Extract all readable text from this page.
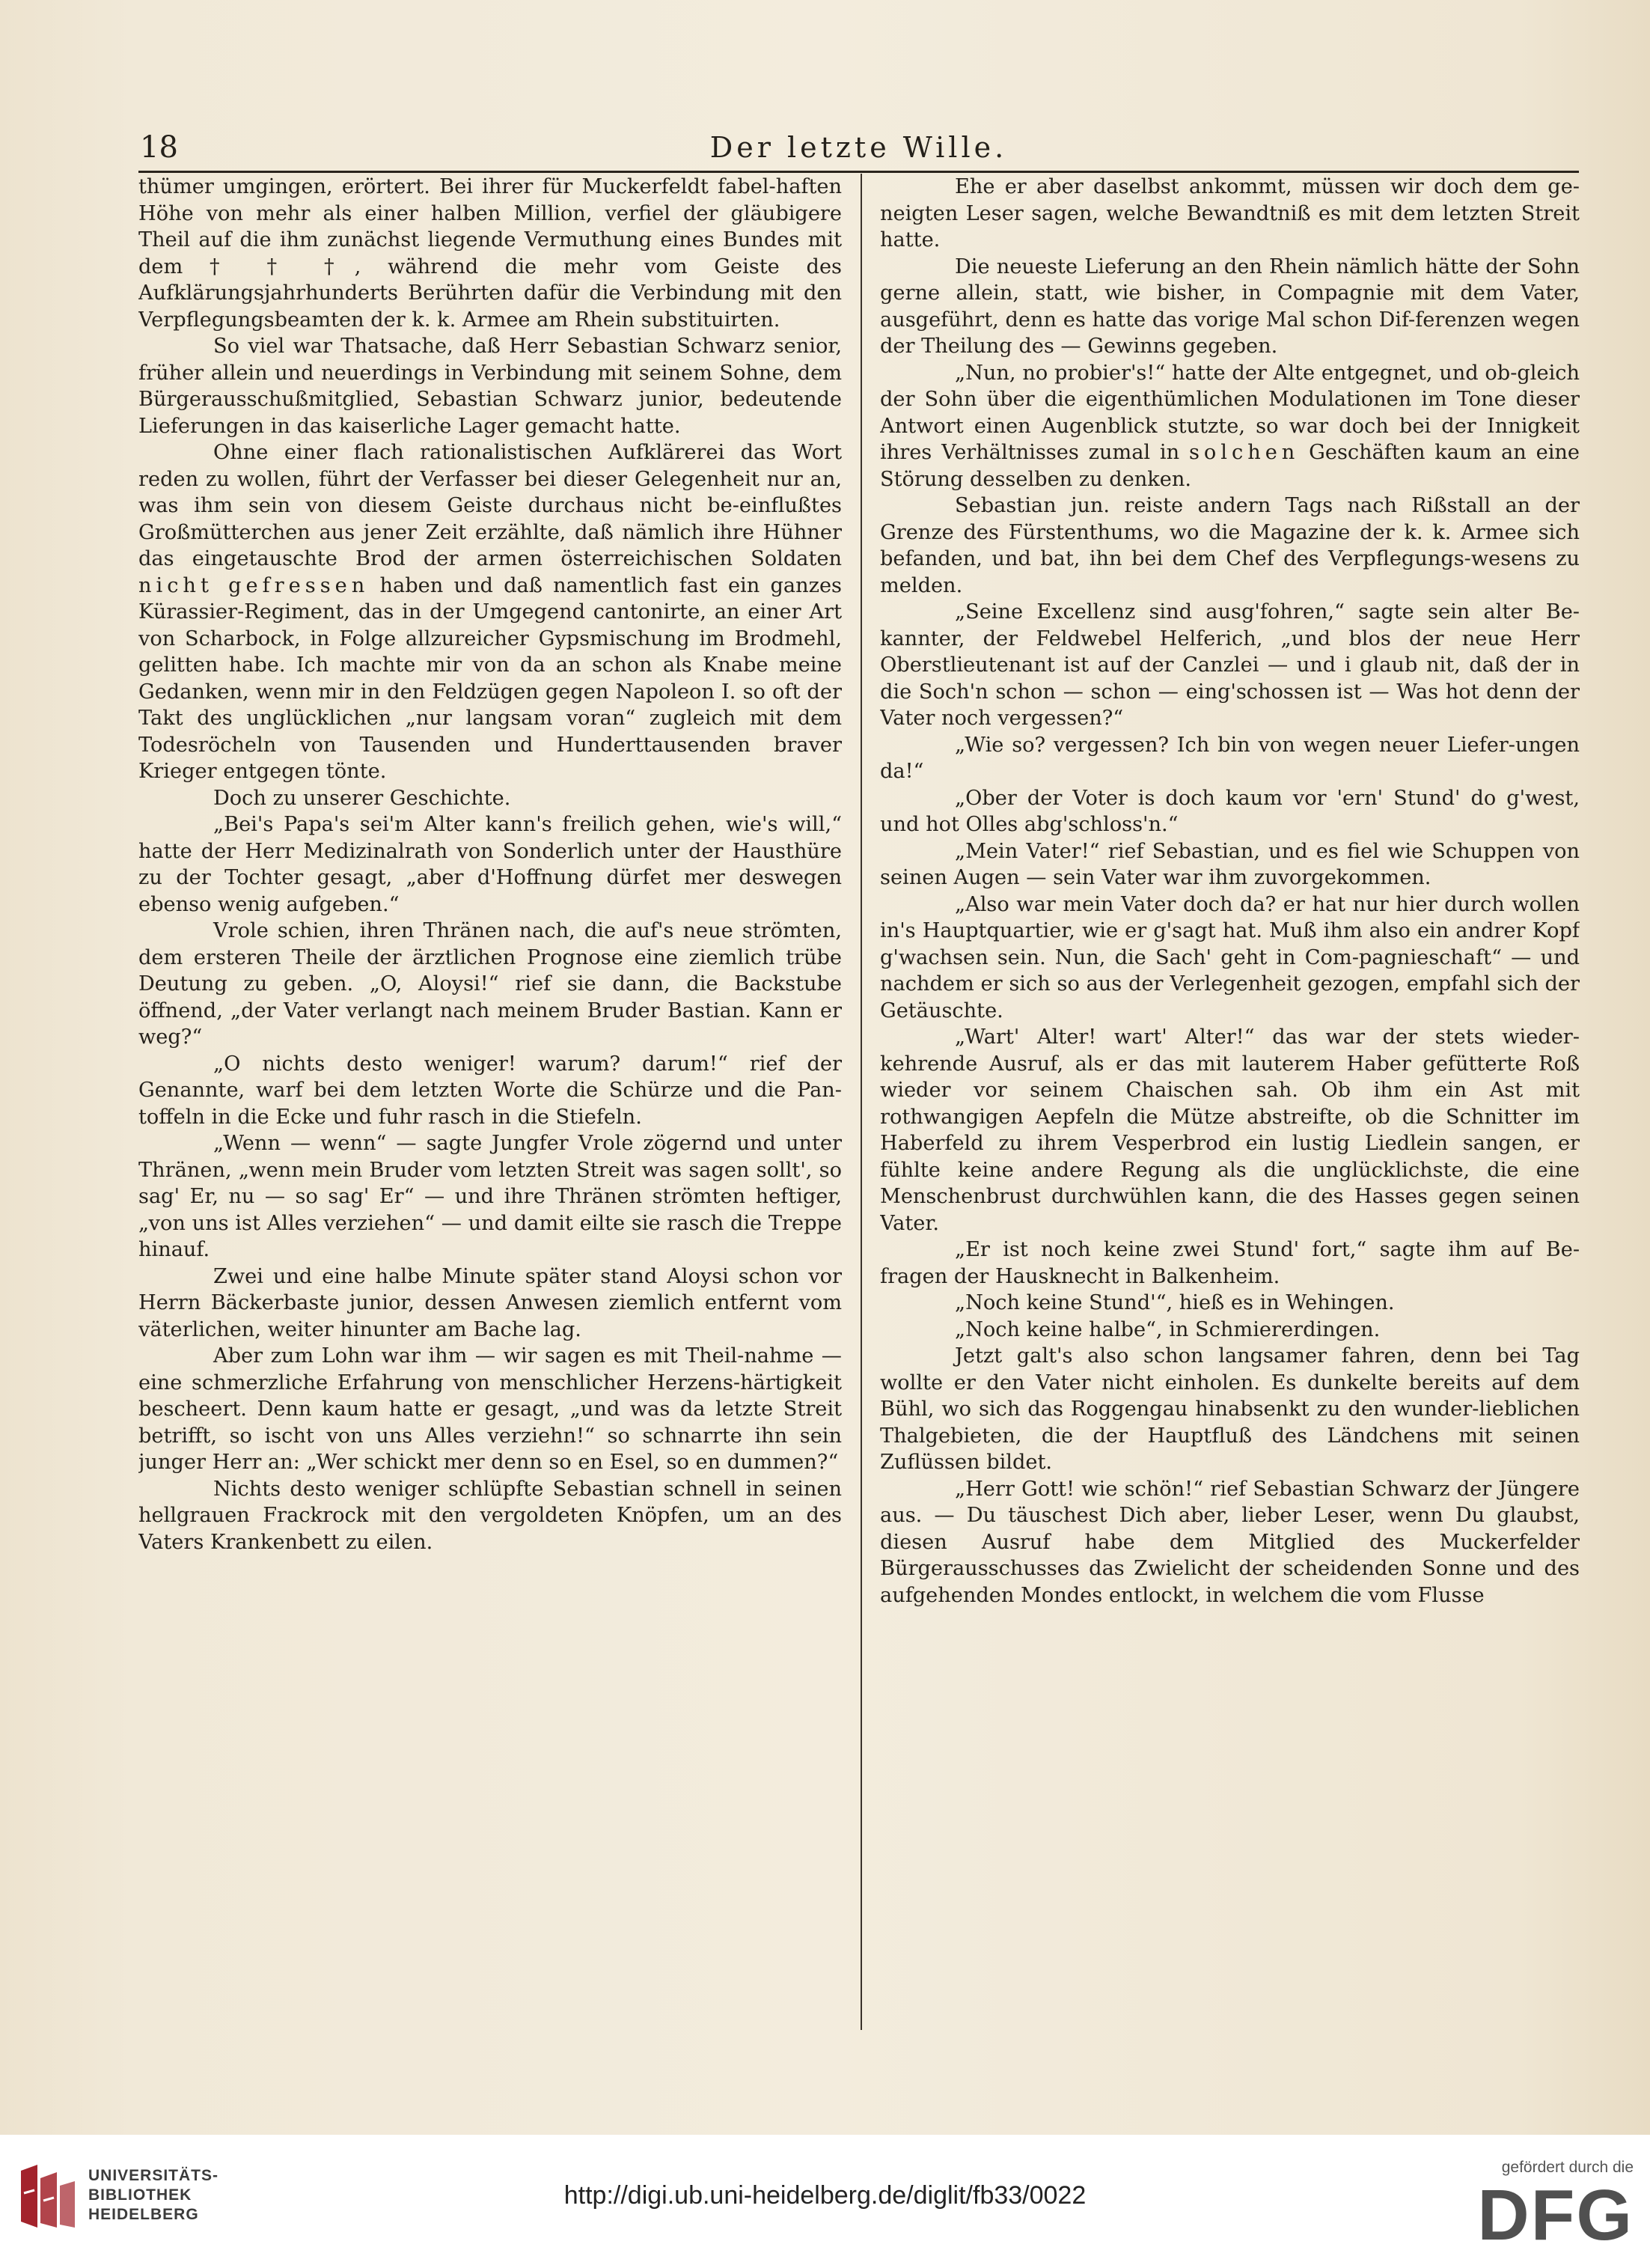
18	Der letzte Wille.

thümer umgingen, erörtert. Bei ihrer für Muckerfeldt fabel-haften Höhe von mehr als einer halben Million, verfiel der gläubigere Theil auf die ihm zunächst liegende Vermuthung eines Bundes mit dem † † †, während die mehr vom Geiste des Aufklärungsjahrhunderts Berührten dafür die Verbindung mit den Verpflegungsbeamten der k. k. Armee am Rhein substituirten.

So viel war Thatsache, daß Herr Sebastian Schwarz senior, früher allein und neuerdings in Verbindung mit seinem Sohne, dem Bürgerausschußmitglied, Sebastian Schwarz junior, bedeutende Lieferungen in das kaiserliche Lager gemacht hatte.

Ohne einer flach rationalistischen Aufklärerei das Wort reden zu wollen, führt der Verfasser bei dieser Gelegenheit nur an, was ihm sein von diesem Geiste durchaus nicht be-einflußtes Großmütterchen aus jener Zeit erzählte, daß nämlich ihre Hühner das eingetauschte Brod der armen österreichischen Soldaten nicht gefressen haben und daß namentlich fast ein ganzes Kürassier-Regiment, das in der Umgegend cantonirte, an einer Art von Scharbock, in Folge allzureicher Gypsmischung im Brodmehl, gelitten habe. Ich machte mir von da an schon als Knabe meine Gedanken, wenn mir in den Feldzügen gegen Napoleon I. so oft der Takt des unglücklichen „nur langsam voran“ zugleich mit dem Todesröcheln von Tausenden und Hunderttausenden braver Krieger entgegen tönte.

Doch zu unserer Geschichte.

„Bei's Papa's sei'm Alter kann's freilich gehen, wie's will,“ hatte der Herr Medizinalrath von Sonderlich unter der Hausthüre zu der Tochter gesagt, „aber d'Hoffnung dürfet mer deswegen ebenso wenig aufgeben.“

Vrole schien, ihren Thränen nach, die auf's neue strömten, dem ersteren Theile der ärztlichen Prognose eine ziemlich trübe Deutung zu geben. „O, Aloysi!“ rief sie dann, die Backstube öffnend, „der Vater verlangt nach meinem Bruder Bastian. Kann er weg?“

„O nichts desto weniger! warum? darum!“ rief der Genannte, warf bei dem letzten Worte die Schürze und die Pan-toffeln in die Ecke und fuhr rasch in die Stiefeln.

„Wenn — wenn“ — sagte Jungfer Vrole zögernd und unter Thränen, „wenn mein Bruder vom letzten Streit was sagen sollt', so sag' Er, nu — so sag' Er“ — und ihre Thränen strömten heftiger, „von uns ist Alles verziehen“ — und damit eilte sie rasch die Treppe hinauf.

Zwei und eine halbe Minute später stand Aloysi schon vor Herrn Bäckerbaste junior, dessen Anwesen ziemlich entfernt vom väterlichen, weiter hinunter am Bache lag.

Aber zum Lohn war ihm — wir sagen es mit Theil-nahme — eine schmerzliche Erfahrung von menschlicher Herzens-härtigkeit bescheert. Denn kaum hatte er gesagt, „und was da letzte Streit betrifft, so ischt von uns Alles verziehn!“ so schnarrte ihn sein junger Herr an: „Wer schickt mer denn so en Esel, so en dummen?“

Nichts desto weniger schlüpfte Sebastian schnell in seinen hellgrauen Frackrock mit den vergoldeten Knöpfen, um an des Vaters Krankenbett zu eilen.

Ehe er aber daselbst ankommt, müssen wir doch dem ge-neigten Leser sagen, welche Bewandtniß es mit dem letzten Streit hatte.

Die neueste Lieferung an den Rhein nämlich hätte der Sohn gerne allein, statt, wie bisher, in Compagnie mit dem Vater, ausgeführt, denn es hatte das vorige Mal schon Dif-ferenzen wegen der Theilung des — Gewinns gegeben.

„Nun, no probier's!“ hatte der Alte entgegnet, und ob-gleich der Sohn über die eigenthümlichen Modulationen im Tone dieser Antwort einen Augenblick stutzte, so war doch bei der Innigkeit ihres Verhältnisses zumal in solchen Geschäften kaum an eine Störung desselben zu denken.

Sebastian jun. reiste andern Tags nach Rißstall an der Grenze des Fürstenthums, wo die Magazine der k. k. Armee sich befanden, und bat, ihn bei dem Chef des Verpflegungs-wesens zu melden.

„Seine Excellenz sind ausg'fohren,“ sagte sein alter Be-kannter, der Feldwebel Helferich, „und blos der neue Herr Oberstlieutenant ist auf der Canzlei — und i glaub nit, daß der in die Soch'n schon — schon — eing'schossen ist — Was hot denn der Vater noch vergessen?“

„Wie so? vergessen? Ich bin von wegen neuer Liefer-ungen da!“

„Ober der Voter is doch kaum vor 'ern' Stund' do g'west, und hot Olles abg'schloss'n.“

„Mein Vater!“ rief Sebastian, und es fiel wie Schuppen von seinen Augen — sein Vater war ihm zuvorgekommen.

„Also war mein Vater doch da? er hat nur hier durch wollen in's Hauptquartier, wie er g'sagt hat. Muß ihm also ein andrer Kopf g'wachsen sein. Nun, die Sach' geht in Com-pagnieschaft“ — und nachdem er sich so aus der Verlegenheit gezogen, empfahl sich der Getäuschte.

„Wart' Alter! wart' Alter!“ das war der stets wieder-kehrende Ausruf, als er das mit lauterem Haber gefütterte Roß wieder vor seinem Chaischen sah. Ob ihm ein Ast mit rothwangigen Aepfeln die Mütze abstreifte, ob die Schnitter im Haberfeld zu ihrem Vesperbrod ein lustig Liedlein sangen, er fühlte keine andere Regung als die unglücklichste, die eine Menschenbrust durchwühlen kann, die des Hasses gegen seinen Vater.

„Er ist noch keine zwei Stund' fort,“ sagte ihm auf Be-fragen der Hausknecht in Balkenheim.

„Noch keine Stund'“, hieß es in Wehingen.

„Noch keine halbe“, in Schmiererdingen.

Jetzt galt's also schon langsamer fahren, denn bei Tag wollte er den Vater nicht einholen. Es dunkelte bereits auf dem Bühl, wo sich das Roggengau hinabsenkt zu den wunder-lieblichen Thalgebieten, die der Hauptfluß des Ländchens mit seinen Zuflüssen bildet.

„Herr Gott! wie schön!“ rief Sebastian Schwarz der Jüngere aus. — Du täuschest Dich aber, lieber Leser, wenn Du glaubst, diesen Ausruf habe dem Mitglied des Muckerfelder Bürgerausschusses das Zwielicht der scheidenden Sonne und des aufgehenden Mondes entlockt, in welchem die vom Flusse

UNIVERSITÄTS-
BIBLIOTHEK
HEIDELBERG
http://digi.ub.uni-heidelberg.de/diglit/fb33/0022
gefördert durch die
DFG
